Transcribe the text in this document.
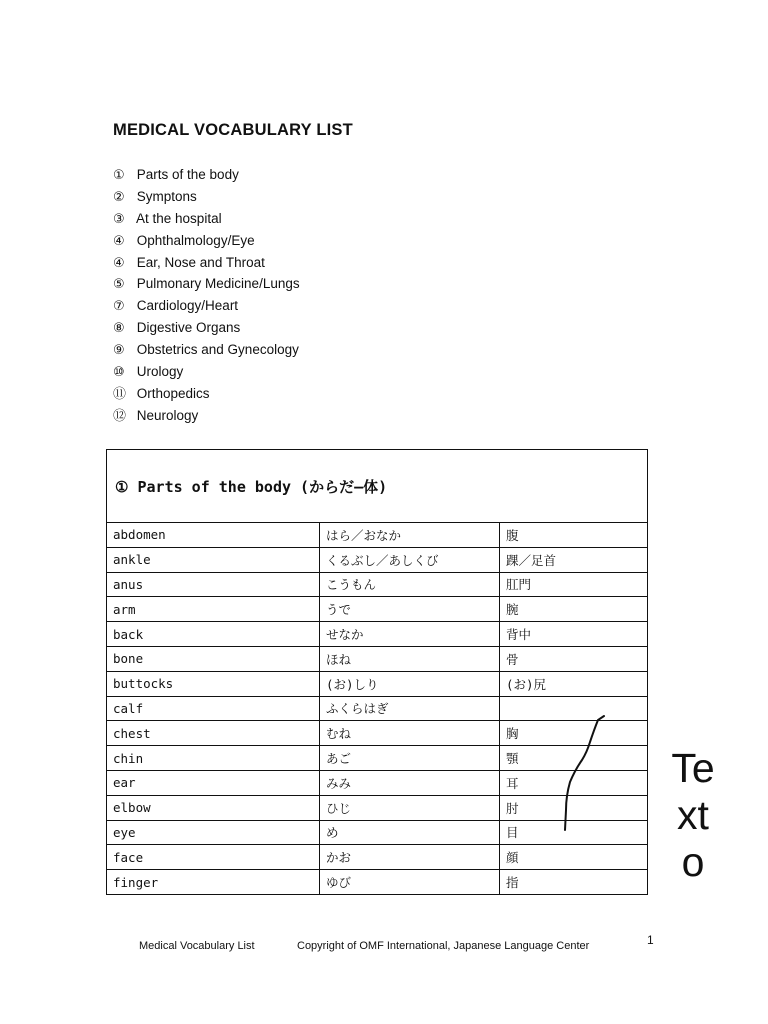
MEDICAL VOCABULARY LIST
① Parts of the body
② Symptons
③ At the hospital
④ Ophthalmology/Eye
④ Ear, Nose and Throat
⑤ Pulmonary Medicine/Lungs
⑦ Cardiology/Heart
⑧ Digestive Organs
⑨ Obstetrics and Gynecology
⑩ Urology
⑪ Orthopedics
⑫ Neurology
① Parts of the body (からだ―体)		
abdomen	はら／おなか	腹
ankle	くるぶし／あしくび	踝／足首
anus	こうもん	肛門
arm	うで	腕
back	せなか	背中
bone	ほね	骨
buttocks	(お)しり	(お)尻
calf	ふくらはぎ	
chest	むね	胸
chin	あご	顎
ear	みみ	耳
elbow	ひじ	肘
eye	め	目
face	かお	顔
finger	ゆび	指
Texto
Medical Vocabulary List	Copyright of OMF International, Japanese Language Center	1
